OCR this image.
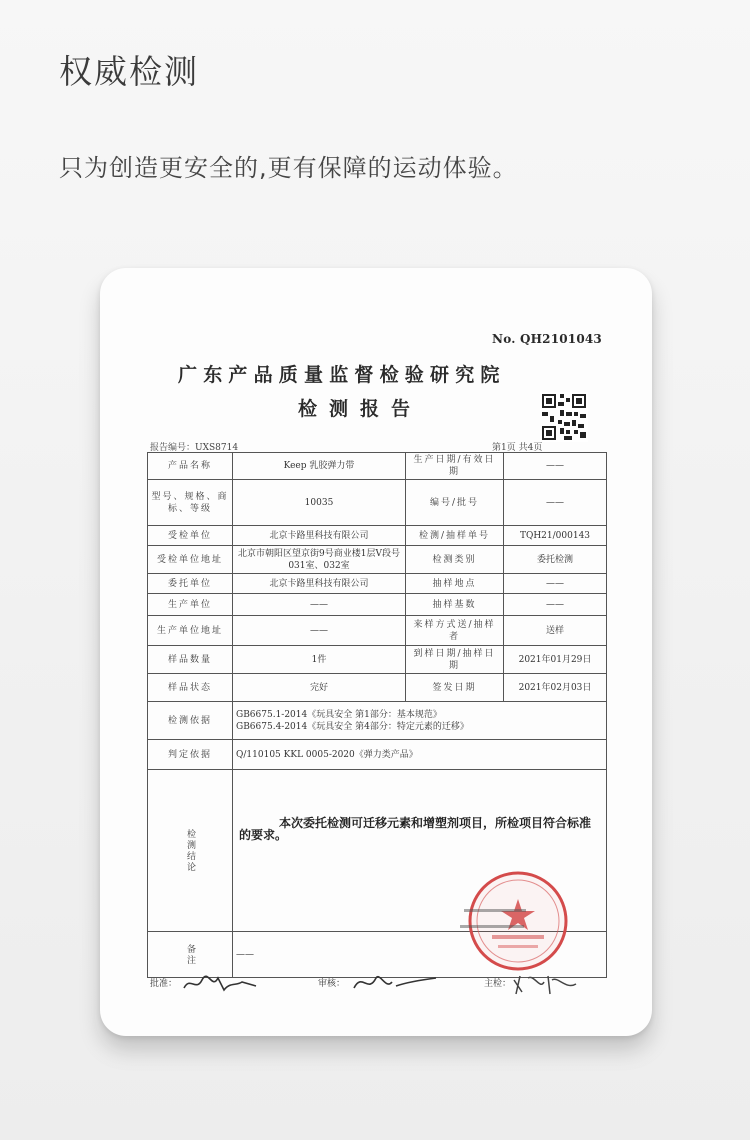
权威检测
只为创造更安全的,更有保障的运动体验。
No. QH2101043
广东产品质量监督检验研究院
检测报告
报告编号：UXS8714	第1页 共4页
产品名称	Keep 乳胶弹力带	生产日期/有效日期	——
型号、规格、商标、等级	10035	编号/批号	——
受检单位	北京卡路里科技有限公司	检测/抽样单号	TQH21/000143
受检单位地址	北京市朝阳区望京街9号商业楼1层V段号031室、032室	检测类别	委托检测
委托单位	北京卡路里科技有限公司	抽样地点	——
生产单位	——	抽样基数	——
生产单位地址	——	来样方式送/抽样者	送样
样品数量	1件	到样日期/抽样日期	2021年01月29日
样品状态	完好	签发日期	2021年02月03日
检测依据	GB6675.1-2014《玩具安全 第1部分：基本规范》
GB6675.4-2014《玩具安全 第4部分：特定元素的迁移》		

判定依据	Q/110105 KKL 0005-2020《弹力类产品》		
检测结论	本次委托检测可迁移元素和增塑剂项目，所检项目符合标准的要求。		
备注	——		
批准：	审核：	主检：
